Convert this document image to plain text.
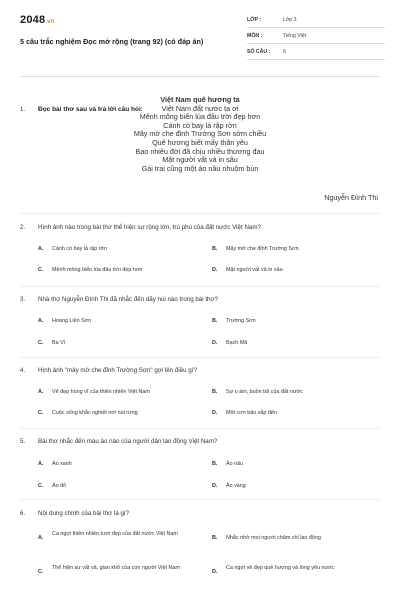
2048.vn
5 câu trắc nghiệm Đọc mở rộng (trang 92) (có đáp án)
LỚP :	Lớp 3
MÔN :	Tiếng Việt
SỐ CÂU :	6
1. Đọc bài thơ sau và trả lời câu hỏi:
Việt Nam quê hương ta
Việt Nam đất nước ta ơi
Mênh mông biển lúa đâu trời đẹp hơn
Cánh cò bay lả rập rờn
Mây mờ che đỉnh Trường Sơn sớm chiều
Quê hương biết mấy thân yêu
Bao nhiêu đời đã chịu nhiều thương đau
Mặt người vất vả in sâu
Gái trai cũng một áo nâu nhuộm bùn
Nguyễn Đình Thi
2. Hình ảnh nào trong bài thơ thể hiện sự rộng lớn, trù phú của đất nước Việt Nam?
A. Cánh cò bay lả rập rờn	B. Mây mờ che đỉnh Trường Sơn
C. Mênh mông biển lúa đâu trời đẹp hơn	D. Mặt người vất vả in sâu
3. Nhà thơ Nguyễn Đình Thi đã nhắc đến dãy núi nào trong bài thơ?
A. Hoàng Liên Sơn	B. Trường Sơn
C. Ba Vì	D. Bạch Mã
4. Hình ảnh "mây mờ che đỉnh Trường Sơn" gợi lên điều gì?
A. Vẻ đẹp hùng vĩ của thiên nhiên Việt Nam	B. Sự u ám, buồn bã của đất nước
C. Cuộc sống khắc nghiệt nơi núi rừng	D. Một cơn bão sắp đến
5. Bài thơ nhắc đến màu áo nào của người dân lao động Việt Nam?
A. Áo xanh	B. Áo nâu
C. Áo đỏ	D. Áo vàng
6. Nội dung chính của bài thơ là gì?
A.
Ca ngợi thiên nhiên tươi đẹp của đất nước Việt Nam
B. Nhắc nhở mọi người chăm chỉ lao động
C.
Thể hiện sự vất vả, gian khổ của con người Việt Nam
D.
Ca ngợi vẻ đẹp quê hương và lòng yêu nước
